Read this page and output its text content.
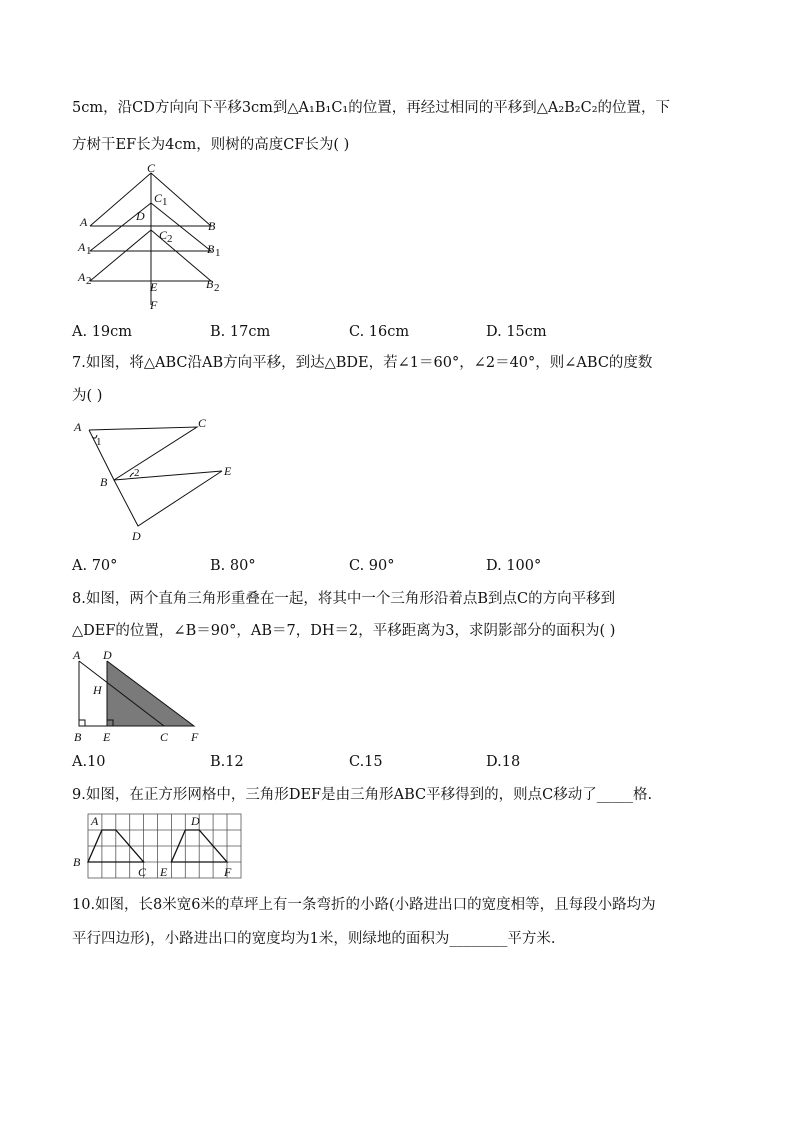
5cm，沿CD方向向下平移3cm到△A₁B₁C₁的位置，再经过相同的平移到△A₂B₂C₂的位置，下
方树干EF长为4cm，则树的高度CF长为( )
C
C 1
D
A	B
C 2
A 1	B 1
A 2	B 2
E
F
A. 19cm	B. 17cm	C. 16cm	D. 15cm
7.如图，将△ABC沿AB方向平移，到达△BDE，若∠1＝60°，∠2＝40°，则∠ABC的度数
为( )
A	C
1
2
B
E
D
A. 70°	B. 80°	C. 90°	D. 100°
8.如图，两个直角三角形重叠在一起，将其中一个三角形沿着点B到点C的方向平移到
△DEF的位置，∠B＝90°，AB＝7，DH＝2，平移距离为3，求阴影部分的面积为( )
A D
H
B E	C F
A.10	B.12	C.15	D.18
9.如图，在正方形网格中，三角形DEF是由三角形ABC平移得到的，则点C移动了_____格.
A	D
B
C E	F
10.如图，长8米宽6米的草坪上有一条弯折的小路(小路进出口的宽度相等，且每段小路均为
平行四边形)，小路进出口的宽度均为1米，则绿地的面积为________平方米.
